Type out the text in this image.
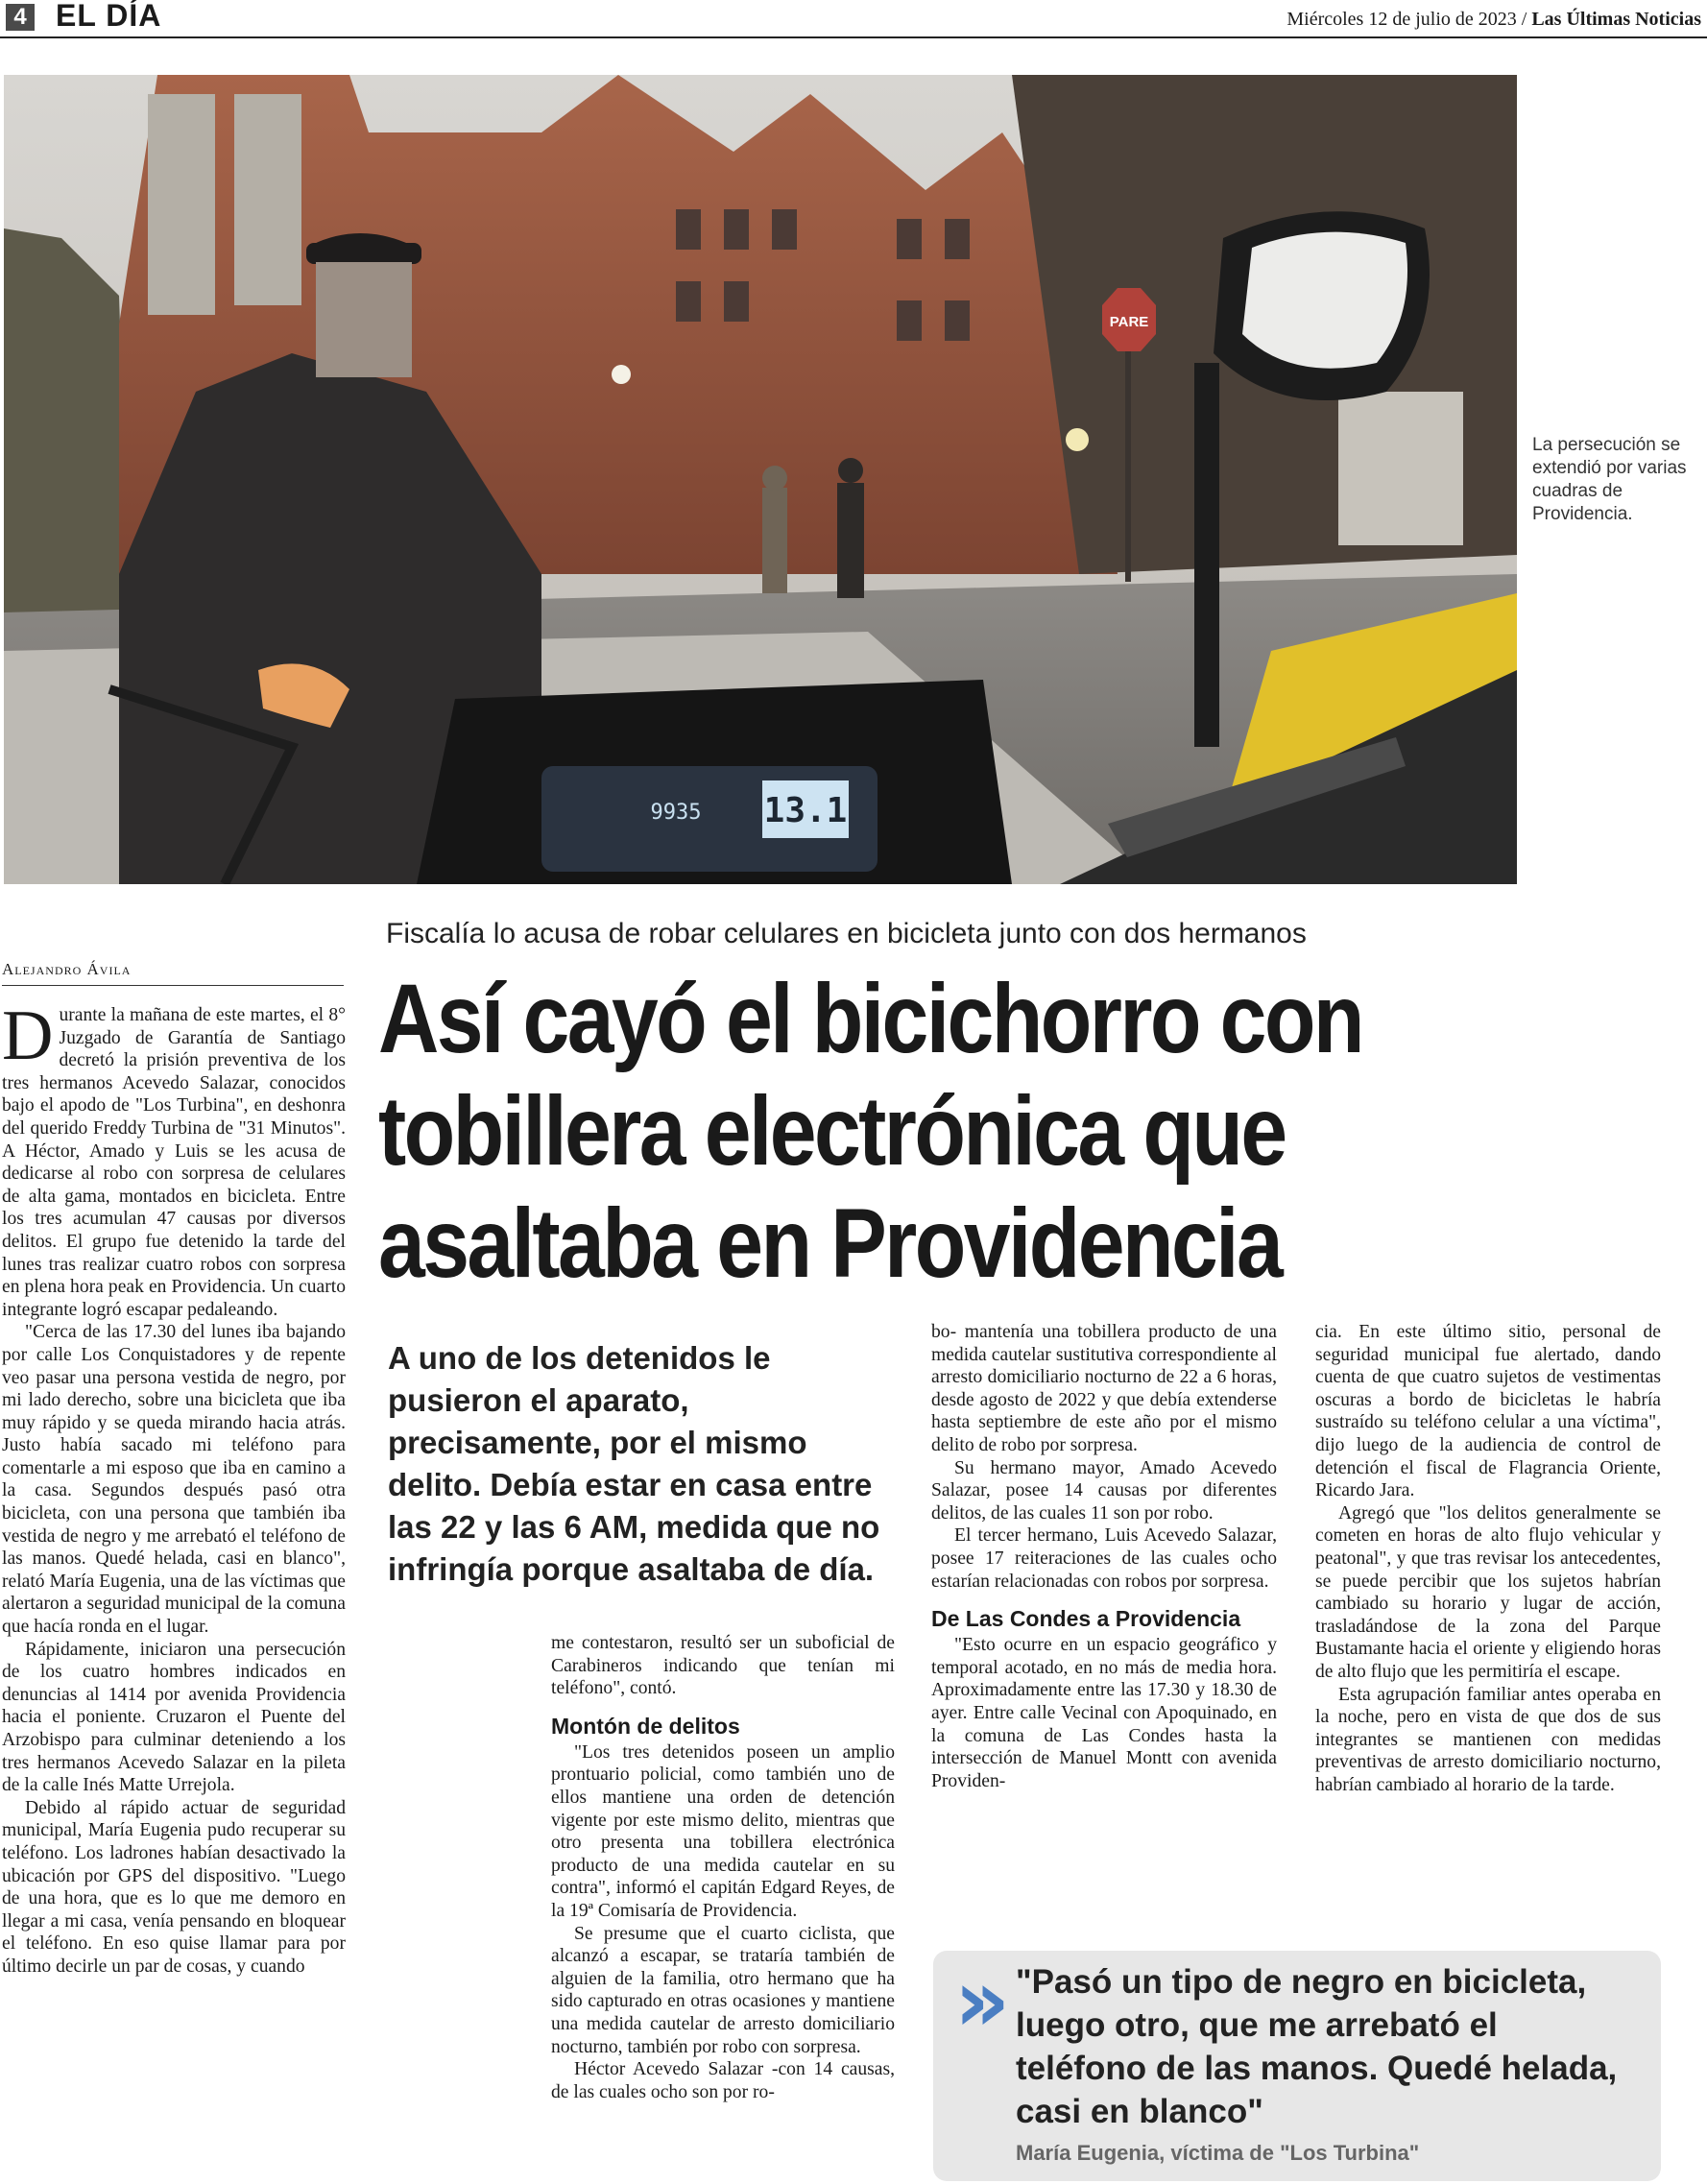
4 EL DÍA	Miércoles 12 de julio de 2023 / Las Últimas Noticias
PARE
13.1
9935
La persecución se extendió por varias cuadras de Providencia.
Fiscalía lo acusa de robar celulares en bicicleta junto con dos hermanos
Así cayó el bicichorro con
tobillera electrónica que
asaltaba en Providencia
Alejandro Ávila
D urante la mañana de este martes, el 8° Juzgado de Garantía de Santiago decretó la prisión preventiva de los tres hermanos Acevedo Salazar, conocidos bajo el apodo de "Los Turbina", en deshonra del querido Freddy Turbina de "31 Minutos". A Héctor, Amado y Luis se les acusa de dedicarse al robo con sorpresa de celulares de alta gama, montados en bicicleta. Entre los tres acumulan 47 causas por diversos delitos. El grupo fue detenido la tarde del lunes tras realizar cuatro robos con sorpresa en plena hora peak en Providencia. Un cuarto integrante logró escapar pedaleando.

"Cerca de las 17.30 del lunes iba bajando por calle Los Conquistadores y de repente veo pasar una persona vestida de negro, por mi lado derecho, sobre una bicicleta que iba muy rápido y se queda mirando hacia atrás. Justo había sacado mi teléfono para comentarle a mi esposo que iba en camino a la casa. Segundos después pasó otra bicicleta, con una persona que también iba vestida de negro y me arrebató el teléfono de las manos. Quedé helada, casi en blanco", relató María Eugenia, una de las víctimas que alertaron a seguridad municipal de la comuna que hacía ronda en el lugar.

Rápidamente, iniciaron una persecución de los cuatro hombres indicados en denuncias al 1414 por avenida Providencia hacia el poniente. Cruzaron el Puente del Arzobispo para culminar deteniendo a los tres hermanos Acevedo Salazar en la pileta de la calle Inés Matte Urrejola.

Debido al rápido actuar de seguridad municipal, María Eugenia pudo recuperar su teléfono. Los ladrones habían desactivado la ubicación por GPS del dispositivo. "Luego de una hora, que es lo que me demoro en llegar a mi casa, venía pensando en bloquear el teléfono. En eso quise llamar para por último decirle un par de cosas, y cuando

A uno de los detenidos le pusieron el aparato, precisamente, por el mismo delito. Debía estar en casa entre las 22 y las 6 AM, medida que no infringía porque asaltaba de día.

me contestaron, resultó ser un suboficial de Carabineros indicando que tenían mi teléfono", contó.

Montón de delitos

"Los tres detenidos poseen un amplio prontuario policial, como también uno de ellos mantiene una orden de detención vigente por este mismo delito, mientras que otro presenta una tobillera electrónica producto de una medida cautelar en su contra", informó el capitán Edgard Reyes, de la 19ª Comisaría de Providencia.

Se presume que el cuarto ciclista, que alcanzó a escapar, se trataría también de alguien de la familia, otro hermano que ha sido capturado en otras ocasiones y mantiene una medida cautelar de arresto domiciliario nocturno, también por robo con sorpresa.

Héctor Acevedo Salazar -con 14 causas, de las cuales ocho son por ro-

bo- mantenía una tobillera producto de una medida cautelar sustitutiva correspondiente al arresto domiciliario nocturno de 22 a 6 horas, desde agosto de 2022 y que debía extenderse hasta septiembre de este año por el mismo delito de robo por sorpresa.

Su hermano mayor, Amado Acevedo Salazar, posee 14 causas por diferentes delitos, de las cuales 11 son por robo.

El tercer hermano, Luis Acevedo Salazar, posee 17 reiteraciones de las cuales ocho estarían relacionadas con robos por sorpresa.

De Las Condes a Providencia

"Esto ocurre en un espacio geográfico y temporal acotado, en no más de media hora. Aproximadamente entre las 17.30 y 18.30 de ayer. Entre calle Vecinal con Apoquinado, en la comuna de Las Condes hasta la intersección de Manuel Montt con avenida Providen-

cia. En este último sitio, personal de seguridad municipal fue alertado, dando cuenta de que cuatro sujetos de vestimentas oscuras a bordo de bicicletas le habría sustraído su teléfono celular a una víctima", dijo luego de la audiencia de control de detención el fiscal de Flagrancia Oriente, Ricardo Jara.

Agregó que "los delitos generalmente se cometen en horas de alto flujo vehicular y peatonal", y que tras revisar los antecedentes, se puede percibir que los sujetos habrían cambiado su horario y lugar de acción, trasladándose de la zona del Parque Bustamante hacia el oriente y eligiendo horas de alto flujo que les permitiría el escape.

Esta agrupación familiar antes operaba en la noche, pero en vista de que dos de sus integrantes se mantienen con medidas preventivas de arresto domiciliario nocturno, habrían cambiado al horario de la tarde.

» "Pasó un tipo de negro en bicicleta, luego otro, que me arrebató el teléfono de las manos. Quedé helada, casi en blanco"
María Eugenia, víctima de "Los Turbina"
